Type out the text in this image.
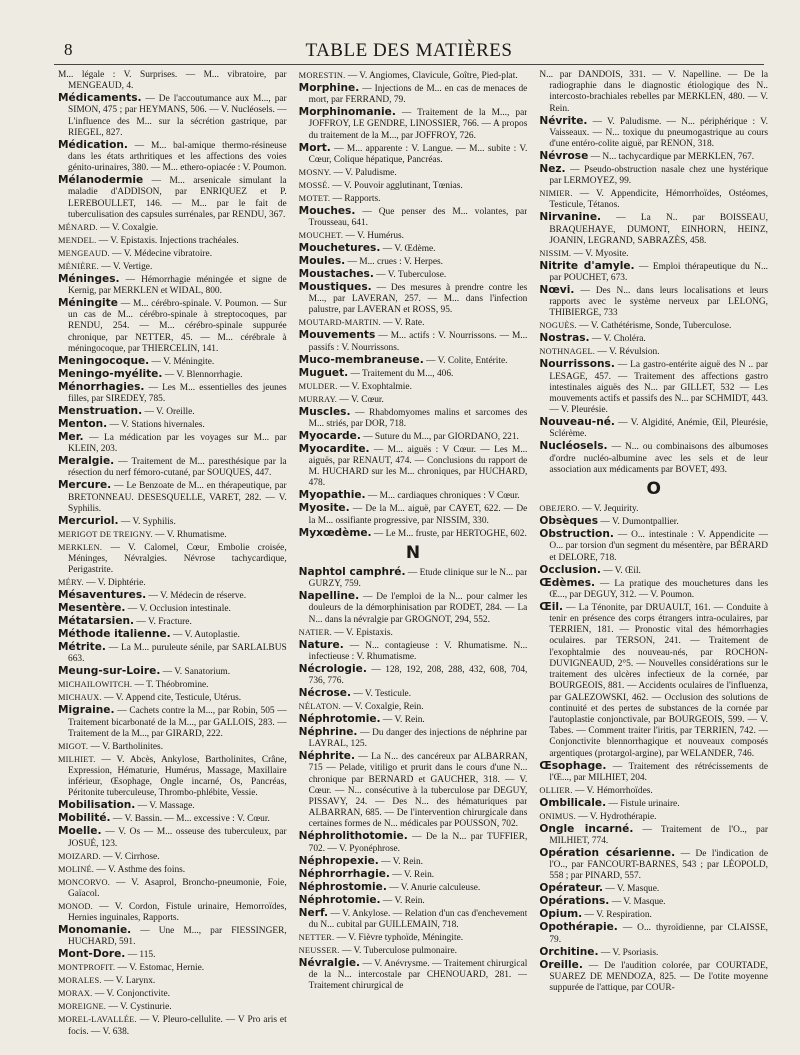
8	TABLE DES MATIÈRES

M... légale : V. Surprises. — M... vibratoire, par MENGEAUD, 4.

Médicaments. — De l'accoutumance aux M..., par SIMON, 475 ; par HEYMANS, 506. — V. Nucléosels. — L'influence des M... sur la sécrétion gastrique, par RIEGEL, 827.

Médication. — M... bal-amique thermo-résineuse dans les états arthritiques et les affections des voies génito-urinaires, 380. — M... ethero-opiacée : V. Poumon.

Mélanodermie — M... arsenicale simulant la maladie d'ADDISON, par ENRIQUEZ et P. LEREBOULLET, 146. — M... par le fait de tuberculisation des capsules surrénales, par RENDU, 367.

MÉNARD. — V. Coxalgie.

MENDEL. — V. Epistaxis. Injections trachéales.

MENGEAUD. — V. Médecine vibratoire.

MÉNIÈRE. — V. Vertige.

Méninges. — Hémorrhagie méningée et signe de Kernig, par MERKLEN et WIDAL, 800.

Méningite — M... cérébro-spinale. V. Poumon. — Sur un cas de M... cérébro-spinale à streptocoques, par RENDU, 254. — M... cérébro-spinale suppurée chronique, par NETTER, 45. — M... cérébrale à méningocoque, par THIERCELIN, 141.

Meningocoque. — V. Méningite.

Meningo-myélite. — V. Blennorrhagie.

Ménorrhagies. — Les M... essentielles des jeunes filles, par SIREDEY, 785.

Menstruation. — V. Oreille.

Menton. — V. Stations hivernales.

Mer. — La médication par les voyages sur M... par KLEIN, 203.

Meralgie. — Traitement de M... paresthésique par la résection du nerf fémoro-cutané, par SOUQUES, 447.

Mercure. — Le Benzoate de M... en thérapeutique, par BRETONNEAU. DESESQUELLE, VARET, 282. — V. Syphilis.

Mercuriol. — V. Syphilis.

MERIGOT DE TREIGNY. — V. Rhumatisme.

MERKLEN. — V. Calomel, Cœur, Embolie croisée, Méninges, Névralgies. Névrose tachycardique, Perigastrite.

MÉRY. — V. Diphtérie.

Mésaventures. — V. Médecin de réserve.

Mesentère. — V. Occlusion intestinale.

Métatarsien. — V. Fracture.

Méthode italienne. — V. Autoplastie.

Métrite. — La M... puruleute sénile, par SARLALBUS 663.

Meung-sur-Loire. — V. Sanatorium.

MICHAILOWITCH. — T. Théobromine.

MICHAUX. — V. Append cite, Testicule, Utérus.

Migraine. — Cachets contre la M..., par Robin, 505 — Traitement bicarbonaté de la M..., par GALLOIS, 283. — Traitement de la M..., par GIRARD, 222.

MIGOT. — V. Bartholinites.

MILHIET. — V. Abcès, Ankylose, Bartholinites, Crâne, Expression, Hématurie, Humérus, Massage, Maxillaire inférieur, Œsophage, Ongle incarné, Os, Pancréas, Péritonite tuberculeuse, Thrombo-phlébite, Vessie.

Mobilisation. — V. Massage.

Mobilité. — V. Bassin. — M... excessive : V. Cœur.

Moelle. — V. Os — M... osseuse des tuberculeux, par JOSUÉ, 123.

MOIZARD. — V. Cirrhose.

MOLINÉ. — V. Asthme des foins.

MONCORVO. — V. Asaprol, Broncho-pneumonie, Foie, Gaïacol.

MONOD. — V. Cordon, Fistule urinaire, Hemorroïdes, Hernies inguinales, Rapports.

Monomanie. — Une M..., par FIESSINGER, HUCHARD, 591.

Mont-Dore. — 115.

MONTPROFIT. — V. Estomac, Hernie.

MORALES. — V. Larynx.

MORAX. — V. Conjonctivite.

MOREIGNE. — V. Cystinurie.

MOREL-LAVALLÉE. — V. Pleuro-cellulite. — V Pro aris et focis. — V. 638.

MORESTIN. — V. Angiomes, Clavicule, Goître, Pied-plat.

Morphine. — Injections de M... en cas de menaces de mort, par FERRAND, 79.

Morphinomanie. — Traitement de la M..., par JOFFROY, LE GENDRE, LINOSSIER, 766. — A propos du traitement de la M..., par JOFFROY, 726.

Mort. — M... apparente : V. Langue. — M... subite : V. Cœur, Colique hépatique, Pancréas.

MOSNY. — V. Paludisme.

MOSSÉ. — V. Pouvoir agglutinant, Tœnias.

MOTET. — Rapports.

Mouches. — Que penser des M... volantes, par Trousseau, 641.

MOUCHET. — V. Humérus.

Mouchetures. — V. Œdème.

Moules. — M... crues : V. Herpes.

Moustaches. — V. Tuberculose.

Moustiques. — Des mesures à prendre contre les M..., par LAVERAN, 257. — M... dans l'infection palustre, par LAVERAN et ROSS, 95.

MOUTARD-MARTIN. — V. Rate.

Mouvements — M... actifs : V. Nourrissons. — M... passifs : V. Nourrissons.

Muco-membraneuse. — V. Colite, Entérite.

Muguet. — Traitement du M..., 406.

MULDER. — V. Exophtalmie.

MURRAY. — V. Cœur.

Muscles. — Rhabdomyomes malins et sarcomes des M... striés, par DOR, 718.

Myocarde. — Suture du M..., par GIORDANO, 221.

Myocardite. — M... aiguës : V Cœur. — Les M... aiguës, par RENAUT, 474. — Conclusions du rapport de M. HUCHARD sur les M... chroniques, par HUCHARD, 478.

Myopathie. — M... cardiaques chroniques : V Cœur.

Myosite. — De la M... aiguë, par CAYET, 622. — De la M... ossifiante progressive, par NISSIM, 330.

Myxœdème. — Le M... fruste, par HERTOGHE, 602.

N

Naphtol camphré. — Etude clinique sur le N... par GURZY, 759.

Napelline. — De l'emploi de la N... pour calmer les douleurs de la démorphinisation par RODET, 284. — La N... dans la névralgie par GROGNOT, 294, 552.

NATIER. — V. Epistaxis.

Nature. — N... contagieuse : V. Rhumatisme. N... infectieuse : V. Rhumatisme.

Nécrologie. — 128, 192, 208, 288, 432, 608, 704, 736, 776.

Nécrose. — V. Testicule.

NÉLATON. — V. Coxalgie, Rein.

Néphrotomie. — V. Rein.

Néphrine. — Du danger des injections de néphrine par LAYRAL, 125.

Néphrite. — La N... des cancéreux par ALBARRAN, 715 — Pelade, vitiligo et prurit dans le cours d'une N... chronique par BERNARD et GAUCHER, 318. — V. Cœur. — N... consécutive à la tuberculose par DEGUY, PISSAVY, 24. — Des N... des hématuriques par ALBARRAN, 685. — De l'intervention chirurgicale dans certaines formes de N... médicales par POUSSON, 702.

Néphrolithotomie. — De la N... par TUFFIER, 702. — V. Pyonéphrose.

Néphropexie. — V. Rein.

Néphrorrhagie. — V. Rein.

Néphrostomie. — V. Anurie calculeuse.

Néphrotomie. — V. Rein.

Nerf. — V. Ankylose. — Relation d'un cas d'enchevement du N... cubital par GUILLEMAIN, 718.

NETTER. — V. Fièvre typhoïde, Méningite.

NEUSSER. — V. Tuberculose pulmonaire.

Névralgie. — V. Anévrysme. — Traitement chirurgical de la N... intercostale par CHENOUARD, 281. — Traitement chirurgical de

N... par DANDOIS, 331. — V. Napelline. — De la radiographie dans le diagnostic étiologique des N.. intercosto-brachiales rebelles par MERKLEN, 480. — V. Rein.

Névrite. — V. Paludisme. — N... périphérique : V. Vaisseaux. — N... toxique du pneumogastrique au cours d'une entéro-colite aiguë, par RENON, 318.

Névrose — N... tachycardique par MERKLEN, 767.

Nez. — Pseudo-obstruction nasale chez une hystérique par LERMOYEZ, 99.

NIMIER. — V. Appendicite, Hémorrhoïdes, Ostéomes, Testicule, Tétanos.

Nirvanine. — La N.. par BOISSEAU, BRAQUEHAYE, DUMONT, EINHORN, HEINZ, JOANIN, LEGRAND, SABRAZÈS, 458.

NISSIM. — V. Myosite.

Nitrite d'amyle. — Emploi thérapeutique du N... par POUCHET, 673.

Nœvi. — Des N... dans leurs localisations et leurs rapports avec le système nerveux par LELONG, THIBIERGE, 733

NOGUÈS. — V. Cathétérisme, Sonde, Tuberculose.

Nostras. — V. Choléra.

NOTHNAGEL. — V. Révulsion.

Nourrissons. — La gastro-entérite aiguë des N .. par LESAGE, 457. — Traitement des affections gastro intestinales aiguës des N... par GILLET, 532 — Les mouvements actifs et passifs des N... par SCHMIDT, 443. — V. Pleurésie.

Nouveau-né. — V. Algidité, Anémie, Œil, Pleurésie, Sclérème.

Nucléosels. — N... ou combinaisons des albumoses d'ordre nucléo-albumine avec les sels et de leur association aux médicaments par BOVET, 493.

O

OBEJERO. — V. Jequirity.

Obsèques — V. Dumontpallier.

Obstruction. — O... intestinale : V. Appendicite — O... par torsion d'un segment du mésentère, par BÉRARD et DELORE, 718.

Occlusion. — V. Œil.

Œdèmes. — La pratique des mouchetures dans les Œ..., par DEGUY, 312. — V. Poumon.

Œil. — La Ténonite, par DRUAULT, 161. — Conduite à tenir en présence des corps étrangers intra-oculaires, par TERRIEN, 181. — Pronostic vital des hémorrhagies oculaires. par TERSON, 241. — Traitement de l'exophtalmie des nouveau-nés, par ROCHON-DUVIGNEAUD, 2°5. — Nouvelles considérations sur le traitement des ulcères infectieux de la cornée, par BOURGEOIS, 881. — Accidents oculaires de l'influenza, par GALEZOWSKI, 462. — Occlusion des solutions de continuité et des pertes de substances de la cornée par l'autoplastie conjonctivale, par BOURGEOIS, 599. — V. Tabes. — Comment traiter l'iritis, par TERRIEN, 742. — Conjonctivite blennorrhagique et nouveaux composés argentiques (protargol-argine), par WELANDER, 746.

Œsophage. — Traitement des rétrécissements de l'Œ..., par MILHIET, 204.

OLLIER. — V. Hémorrhoïdes.

Ombilicale. — Fistule urinaire.

ONIMUS. — V. Hydrothérapie.

Ongle incarné. — Traitement de l'O.., par MILHIET, 774.

Opération césarienne. — De l'indication de l'O.., par FANCOURT-BARNES, 543 ; par LÉOPOLD, 558 ; par PINARD, 557.

Opérateur. — V. Masque.

Opérations. — V. Masque.

Opium. — V. Respiration.

Opothérapie. — O... thyroïdienne, par CLAISSE, 79.

Orchitine. — V. Psoriasis.

Oreille. — De l'audition colorée, par COURTADE, SUAREZ DE MENDOZA, 825. — De l'otite moyenne suppurée de l'attique, par COUR-
